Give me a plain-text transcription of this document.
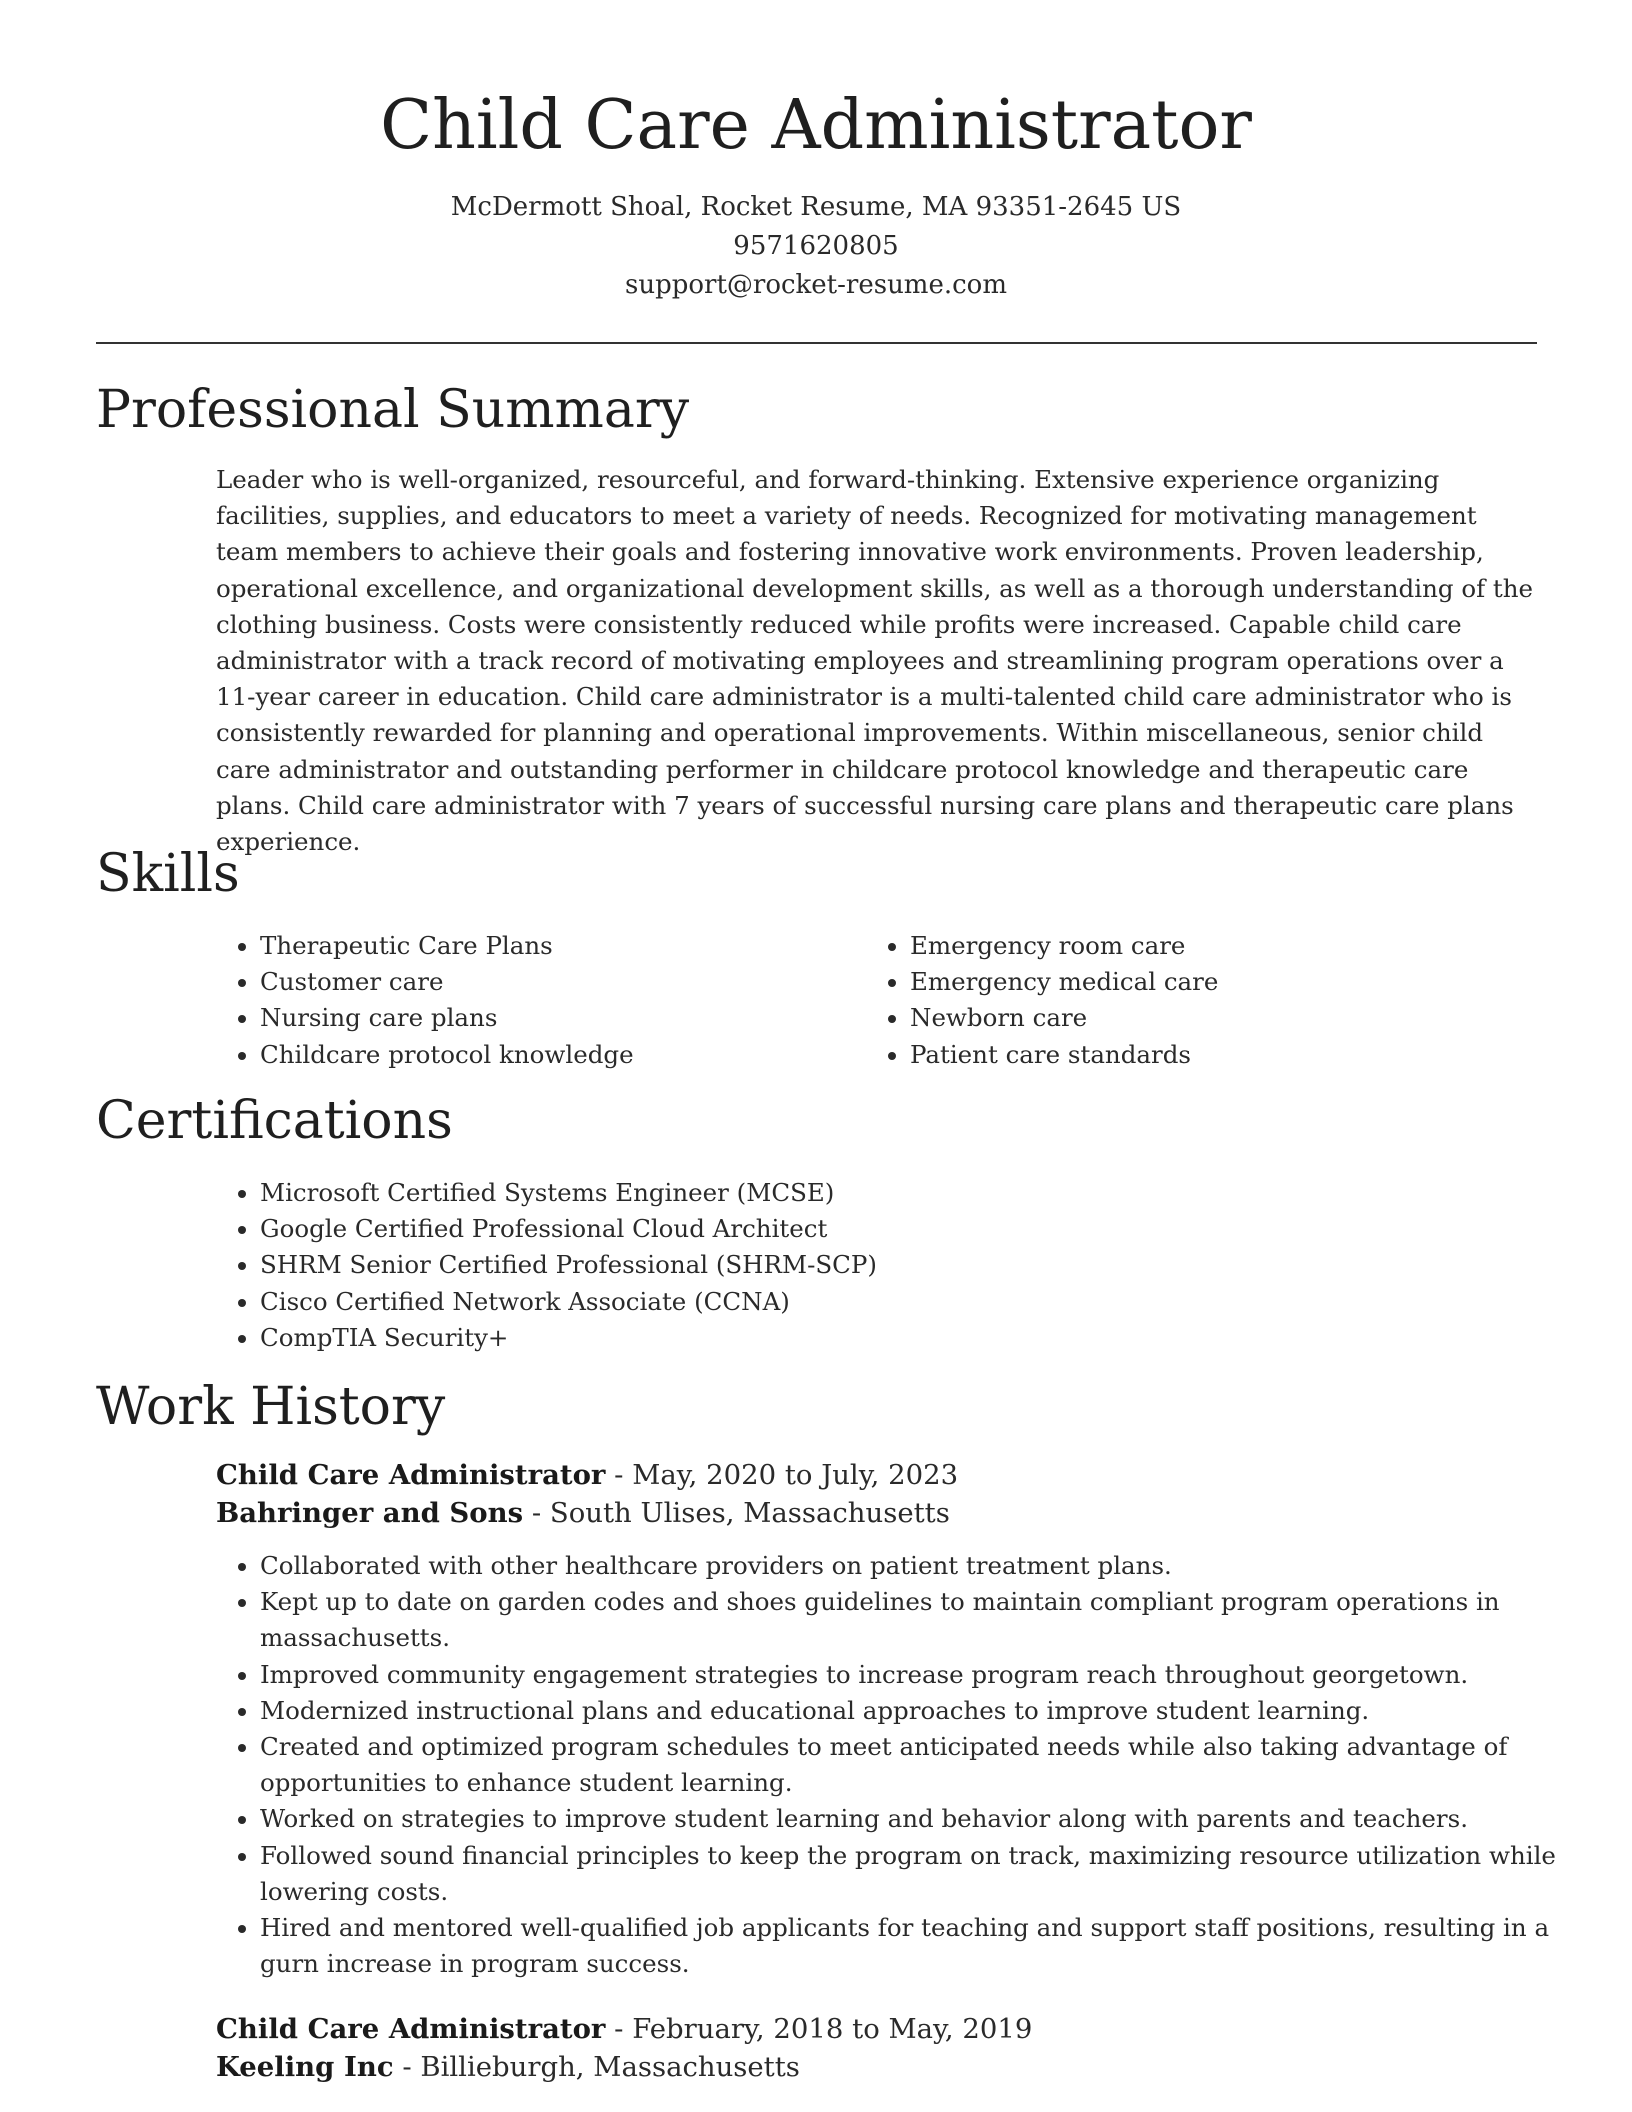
Child Care Administrator

McDermott Shoal, Rocket Resume, MA 93351-2645 US

9571620805

support@rocket-resume.com

Professional Summary

Leader who is well-organized, resourceful, and forward-thinking. Extensive experience organizing facilities, supplies, and educators to meet a variety of needs. Recognized for motivating management team members to achieve their goals and fostering innovative work environments. Proven leadership, operational excellence, and organizational development skills, as well as a thorough understanding of the clothing business. Costs were consistently reduced while profits were increased. Capable child care administrator with a track record of motivating employees and streamlining program operations over a 11-year career in education. Child care administrator is a multi-talented child care administrator who is consistently rewarded for planning and operational improvements. Within miscellaneous, senior child care administrator and outstanding performer in childcare protocol knowledge and therapeutic care plans. Child care administrator with 7 years of successful nursing care plans and therapeutic care plans experience.

Skills
• Therapeutic Care Plans
• Customer care
• Nursing care plans
• Childcare protocol knowledge
• Emergency room care
• Emergency medical care
• Newborn care
• Patient care standards
Certifications
• Microsoft Certified Systems Engineer (MCSE)
• Google Certified Professional Cloud Architect
• SHRM Senior Certified Professional (SHRM-SCP)
• Cisco Certified Network Associate (CCNA)
• CompTIA Security+
Work History

Child Care Administrator - May, 2020 to July, 2023

Bahringer and Sons - South Ulises, Massachusetts

• Collaborated with other healthcare providers on patient treatment plans.
• Kept up to date on garden codes and shoes guidelines to maintain compliant program operations in massachusetts.
• Improved community engagement strategies to increase program reach throughout georgetown.
• Modernized instructional plans and educational approaches to improve student learning.
• Created and optimized program schedules to meet anticipated needs while also taking advantage of opportunities to enhance student learning.
• Worked on strategies to improve student learning and behavior along with parents and teachers.
• Followed sound financial principles to keep the program on track, maximizing resource utilization while lowering costs.
• Hired and mentored well-qualified job applicants for teaching and support staff positions, resulting in a gurn increase in program success.

Child Care Administrator - February, 2018 to May, 2019

Keeling Inc - Billieburgh, Massachusetts
